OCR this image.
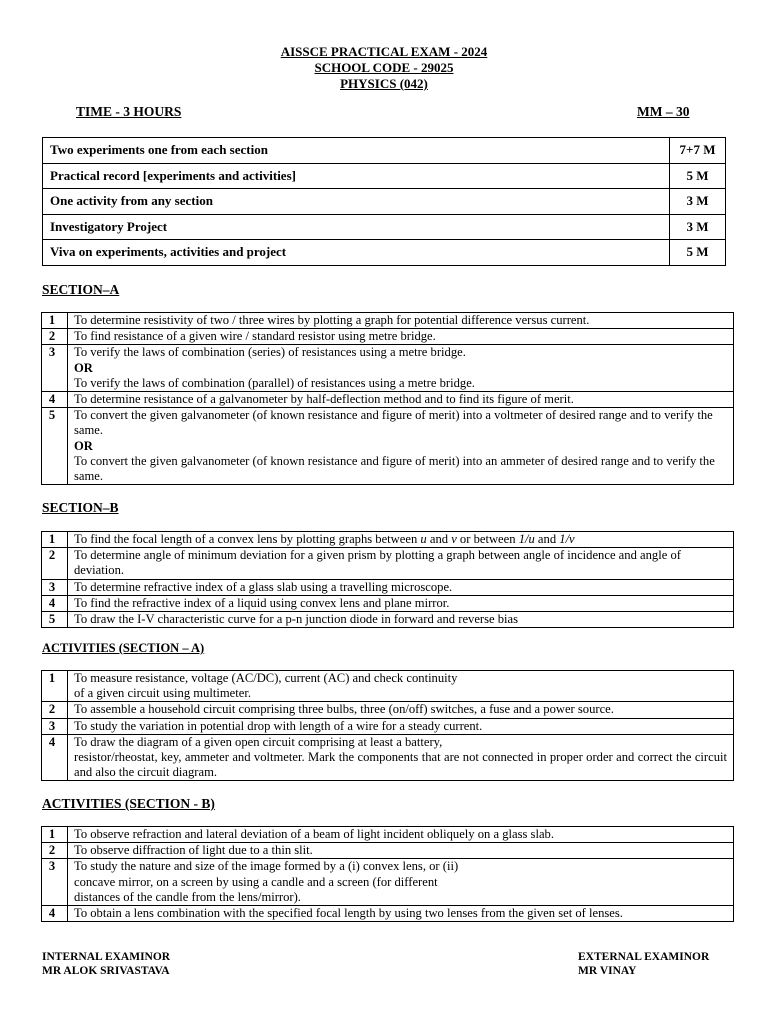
AISSCE PRACTICAL EXAM - 2024
SCHOOL CODE - 29025
PHYSICS (042)
TIME - 3 HOURS	MM – 30
Two experiments one from each section	7+7 M
Practical record [experiments and activities]	5 M
One activity from any section	3 M
Investigatory Project	3 M
Viva on experiments, activities and project	5 M
SECTION–A
1	To determine resistivity of two / three wires by plotting a graph for potential difference versus current.
2	To find resistance of a given wire / standard resistor using metre bridge.
3	To verify the laws of combination (series) of resistances using a metre bridge.
OR
To verify the laws of combination (parallel) of resistances using a metre bridge.

4	To determine resistance of a galvanometer by half-deflection method and to find its figure of merit.
5	To convert the given galvanometer (of known resistance and figure of merit) into a voltmeter of desired range and to verify the same.
OR
To convert the given galvanometer (of known resistance and figure of merit) into an ammeter of desired range and to verify the same.
SECTION–B
1	To find the focal length of a convex lens by plotting graphs between u and v or between 1/u and 1/v
2	To determine angle of minimum deviation for a given prism by plotting a graph between angle of incidence and angle of deviation.
3	To determine refractive index of a glass slab using a travelling microscope.
4	To find the refractive index of a liquid using convex lens and plane mirror.
5	To draw the I-V characteristic curve for a p-n junction diode in forward and reverse bias
ACTIVITIES (SECTION – A)
1	To measure resistance, voltage (AC/DC), current (AC) and check continuity
of a given circuit using multimeter.

2	To assemble a household circuit comprising three bulbs, three (on/off) switches, a fuse and a power source.
3	To study the variation in potential drop with length of a wire for a steady current.
4	To draw the diagram of a given open circuit comprising at least a battery,
resistor/rheostat, key, ammeter and voltmeter. Mark the components that are not connected in proper order and correct the circuit and also the circuit diagram.
ACTIVITIES (SECTION - B)
1	To observe refraction and lateral deviation of a beam of light incident obliquely on a glass slab.
2	To observe diffraction of light due to a thin slit.
3	To study the nature and size of the image formed by a (i) convex lens, or (ii)
concave mirror, on a screen by using a candle and a screen (for different
distances of the candle from the lens/mirror).

4	To obtain a lens combination with the specified focal length by using two lenses from the given set of lenses.
INTERNAL EXAMINOR
MR ALOK SRIVASTAVA
EXTERNAL EXAMINOR
MR VINAY
